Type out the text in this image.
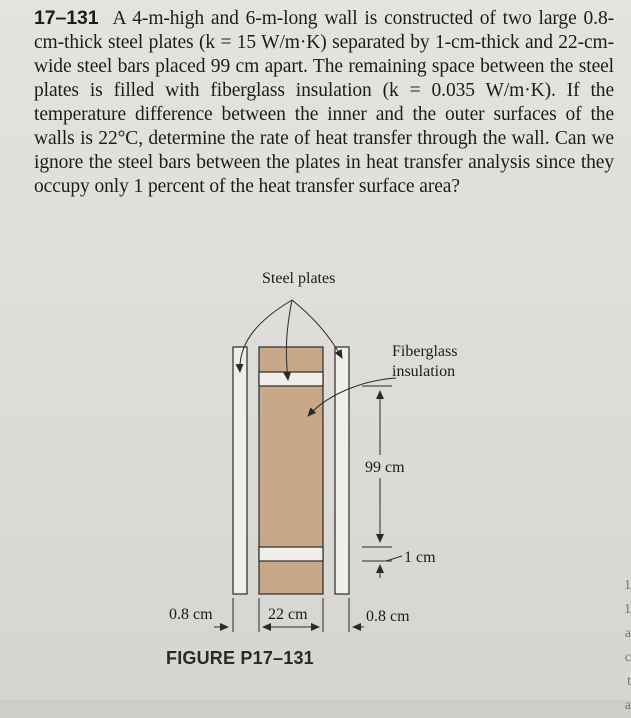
17–131 A 4-m-high and 6-m-long wall is constructed of two large 0.8-cm-thick steel plates (k = 15 W/m·K) separated by 1-cm-thick and 22-cm-wide steel bars placed 99 cm apart. The remaining space between the steel plates is filled with fiberglass insulation (k = 0.035 W/m·K). If the temperature difference between the inner and the outer surfaces of the walls is 22°C, determine the rate of heat transfer through the wall. Can we ignore the steel bars between the plates in heat transfer analysis since they occupy only 1 percent of the heat transfer surface area?
Steel plates
Fiberglass
insulation
99 cm
1 cm
0.8 cm	22 cm	0.8 cm
FIGURE P17–131
1
1
a
c
t
a
